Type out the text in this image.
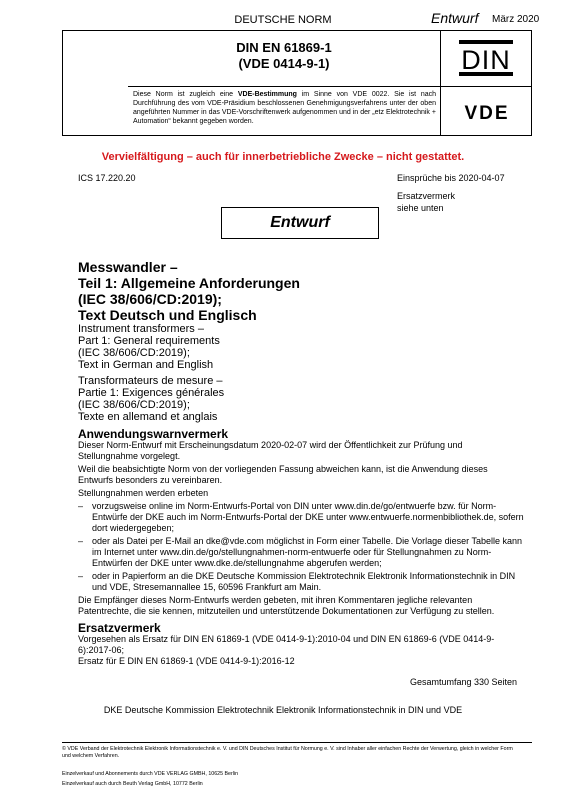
DEUTSCHE NORM	Entwurf März 2020
DIN EN 61869-1
(VDE 0414-9-1)
Diese Norm ist zugleich eine VDE-Bestimmung im Sinne von VDE 0022. Sie ist nach Durchführung des vom VDE-Präsidium beschlossenen Genehmigungsverfahrens unter der oben angeführten Nummer in das VDE-Vorschriftenwerk aufgenommen und in der „etz Elektrotechnik + Automation“ bekannt gegeben worden.
DIN
VDE
Vervielfältigung – auch für innerbetriebliche Zwecke – nicht gestattet.
ICS 17.220.20	Einsprüche bis 2020-04-07
Ersatzvermerk
siehe unten
Entwurf
Messwandler –
Teil 1: Allgemeine Anforderungen
(IEC 38/606/CD:2019);
Text Deutsch und Englisch
Instrument transformers –
Part 1: General requirements
(IEC 38/606/CD:2019);
Text in German and English
Transformateurs de mesure –
Partie 1: Exigences générales
(IEC 38/606/CD:2019);
Texte en allemand et anglais
Anwendungswarnvermerk
Dieser Norm-Entwurf mit Erscheinungsdatum 2020-02-07 wird der Öffentlichkeit zur Prüfung und Stellungnahme vorgelegt.
Weil die beabsichtigte Norm von der vorliegenden Fassung abweichen kann, ist die Anwendung dieses Entwurfs besonders zu vereinbaren.
Stellungnahmen werden erbeten
– vorzugsweise online im Norm-Entwurfs-Portal von DIN unter www.din.de/go/entwuerfe bzw. für Norm-Entwürfe der DKE auch im Norm-Entwurfs-Portal der DKE unter www.entwuerfe.normenbibliothek.de, sofern dort wiedergegeben;
– oder als Datei per E-Mail an dke@vde.com möglichst in Form einer Tabelle. Die Vorlage dieser Tabelle kann im Internet unter www.din.de/go/stellungnahmen-norm-entwuerfe oder für Stellungnahmen zu Norm-Entwürfen der DKE unter www.dke.de/stellungnahme abgerufen werden;
– oder in Papierform an die DKE Deutsche Kommission Elektrotechnik Elektronik Informationstechnik in DIN und VDE, Stresemannallee 15, 60596 Frankfurt am Main.
Die Empfänger dieses Norm-Entwurfs werden gebeten, mit ihren Kommentaren jegliche relevanten Patentrechte, die sie kennen, mitzuteilen und unterstützende Dokumentationen zur Verfügung zu stellen.
Ersatzvermerk
Vorgesehen als Ersatz für DIN EN 61869-1 (VDE 0414-9-1):2010-04 und DIN EN 61869-6 (VDE 0414-9-6):2017-06;
Ersatz für E DIN EN 61869-1 (VDE 0414-9-1):2016-12
Gesamtumfang 330 Seiten
DKE Deutsche Kommission Elektrotechnik Elektronik Informationstechnik in DIN und VDE
© VDE Verband der Elektrotechnik Elektronik Informationstechnik e. V. und DIN Deutsches Institut für Normung e. V. sind Inhaber aller einfachen Rechte der Verwertung, gleich in welcher Form und welchem Verfahren.
Einzelverkauf und Abonnements durch VDE VERLAG GMBH, 10625 Berlin
Einzelverkauf auch durch Beuth Verlag GmbH, 10772 Berlin
